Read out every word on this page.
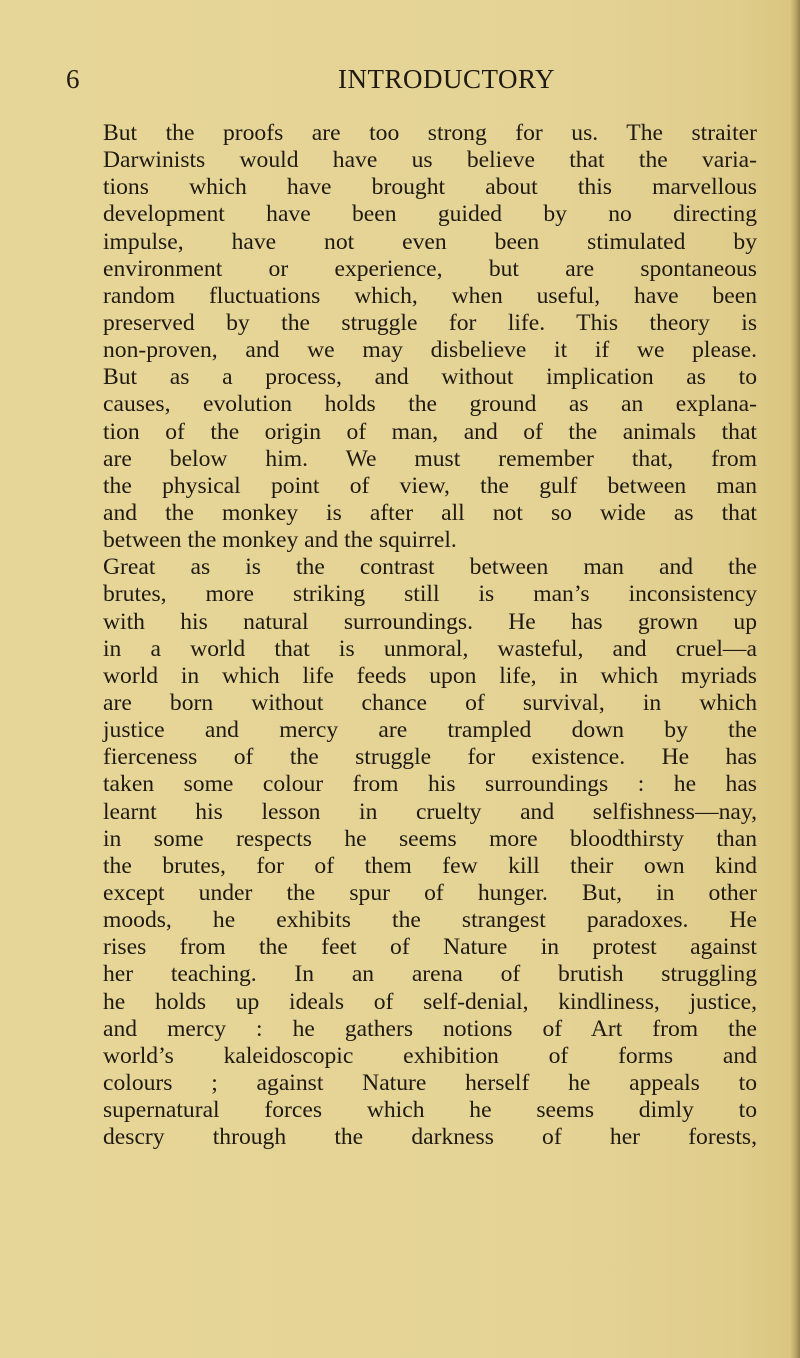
6	INTRODUCTORY
But the proofs are too strong for us. The straiter
Darwinists would have us believe that the varia-
tions which have brought about this marvellous
development have been guided by no directing
impulse, have not even been stimulated by
environment or experience, but are spontaneous
random fluctuations which, when useful, have been
preserved by the struggle for life. This theory is
non-proven, and we may disbelieve it if we please.
But as a process, and without implication as to
causes, evolution holds the ground as an explana-
tion of the origin of man, and of the animals that
are below him. We must remember that, from
the physical point of view, the gulf between man
and the monkey is after all not so wide as that
between the monkey and the squirrel.
Great as is the contrast between man and the
brutes, more striking still is man’s inconsistency
with his natural surroundings. He has grown up
in a world that is unmoral, wasteful, and cruel—a
world in which life feeds upon life, in which myriads
are born without chance of survival, in which
justice and mercy are trampled down by the
fierceness of the struggle for existence. He has
taken some colour from his surroundings : he has
learnt his lesson in cruelty and selfishness—nay,
in some respects he seems more bloodthirsty than
the brutes, for of them few kill their own kind
except under the spur of hunger. But, in other
moods, he exhibits the strangest paradoxes. He
rises from the feet of Nature in protest against
her teaching. In an arena of brutish struggling
he holds up ideals of self-denial, kindliness, justice,
and mercy : he gathers notions of Art from the
world’s kaleidoscopic exhibition of forms and
colours ; against Nature herself he appeals to
supernatural forces which he seems dimly to
descry through the darkness of her forests,
